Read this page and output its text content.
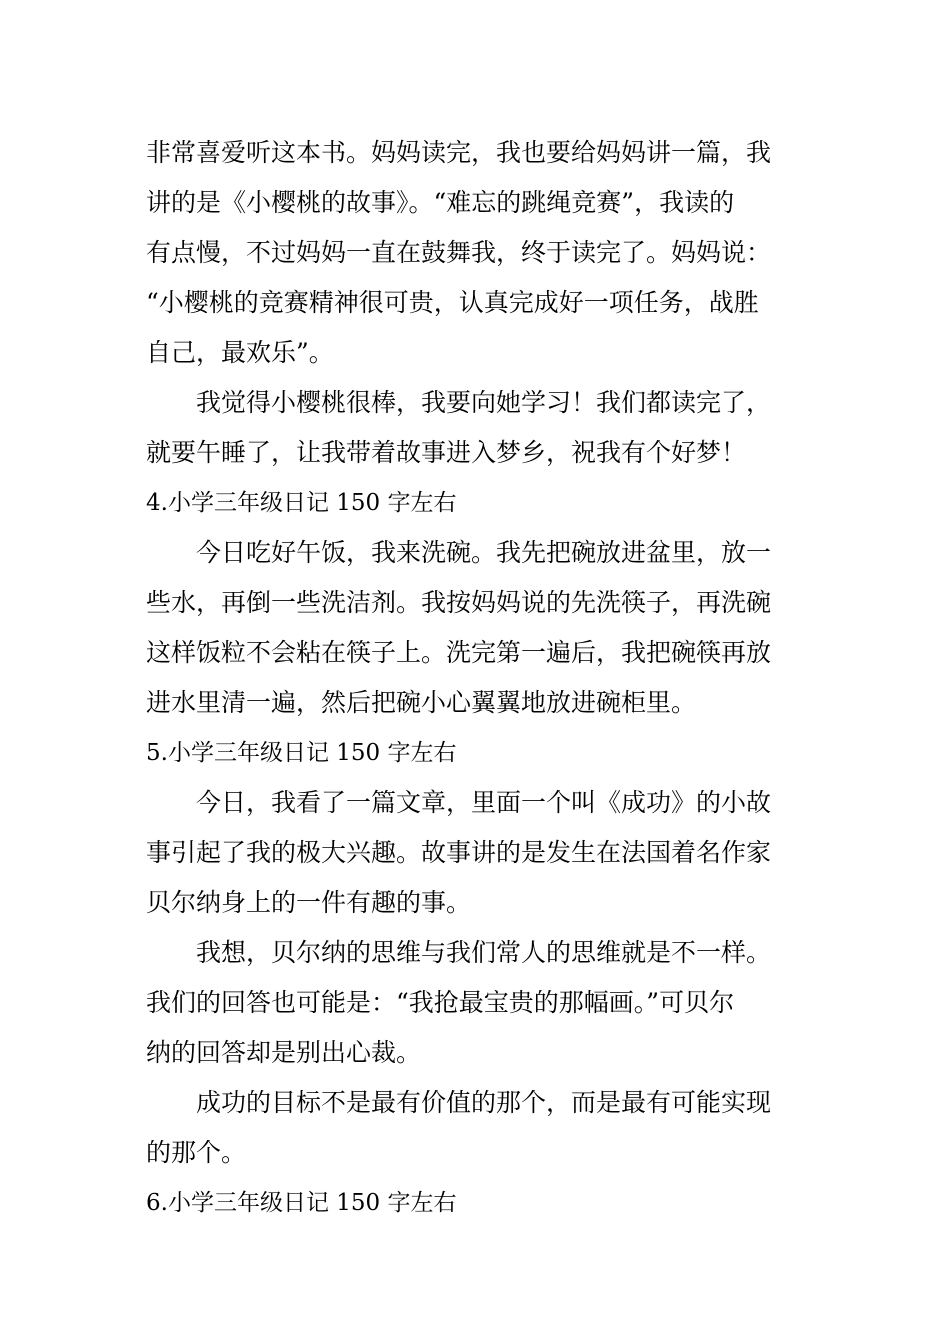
非常喜爱听这本书。妈妈读完，我也要给妈妈讲一篇，我
讲的是《小樱桃的故事》。“难忘的跳绳竞赛”，我读的
有点慢，不过妈妈一直在鼓舞我，终于读完了。妈妈说：
“小樱桃的竞赛精神很可贵，认真完成好一项任务，战胜
自己，最欢乐”。
我觉得小樱桃很棒，我要向她学习！我们都读完了，
就要午睡了，让我带着故事进入梦乡，祝我有个好梦！
4.小学三年级日记 150 字左右
今日吃好午饭，我来洗碗。我先把碗放进盆里，放一
些水，再倒一些洗洁剂。我按妈妈说的先洗筷子，再洗碗
这样饭粒不会粘在筷子上。洗完第一遍后，我把碗筷再放
进水里清一遍，然后把碗小心翼翼地放进碗柜里。
5.小学三年级日记 150 字左右
今日，我看了一篇文章，里面一个叫《成功》的小故
事引起了我的极大兴趣。故事讲的是发生在法国着名作家
贝尔纳身上的一件有趣的事。
我想，贝尔纳的思维与我们常人的思维就是不一样。
我们的回答也可能是：“我抢最宝贵的那幅画。”可贝尔
纳的回答却是别出心裁。
成功的目标不是最有价值的那个，而是最有可能实现
的那个。
6.小学三年级日记 150 字左右
